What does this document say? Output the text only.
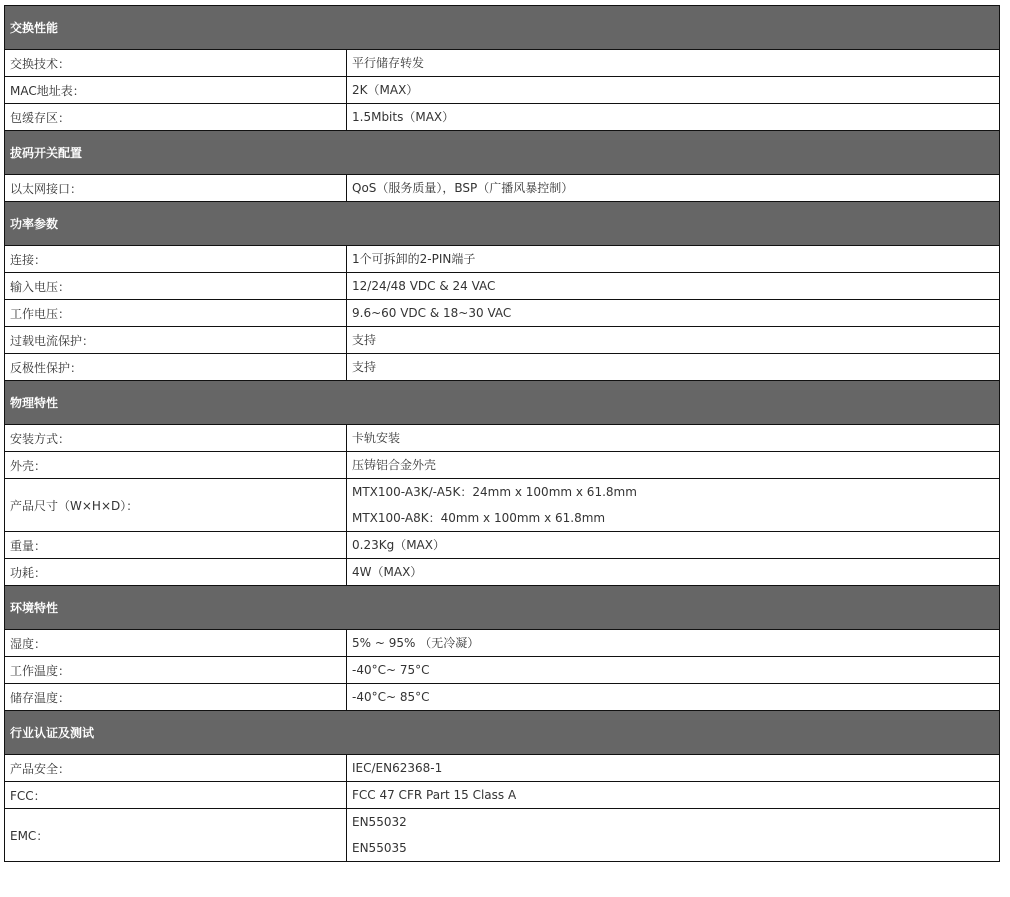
交换性能	
交换技术：	平行储存转发

MAC地址表：	2K（MAX）

包缓存区：	1.5Mbits（MAX）

拔码开关配置	
以太网接口：	QoS（服务质量），BSP（广播风暴控制）

功率参数	
连接：	1个可拆卸的2-PIN端子

输入电压：	12/24/48 VDC & 24 VAC

工作电压：	9.6~60 VDC & 18~30 VAC

过载电流保护：	支持

反极性保护：	支持

物理特性	
安装方式：	卡轨安装

外壳：	压铸铝合金外壳

产品尺寸（W×H×D）：	MTX100-A3K/-A5K：24mm x 100mm x 61.8mm
MTX100-A8K：40mm x 100mm x 61.8mm

重量：	0.23Kg（MAX）

功耗：	4W（MAX）

环境特性	
湿度：	5% ~ 95% （无冷凝）

工作温度：	-40°C~ 75°C

储存温度：	-40°C~ 85°C

行业认证及测试	
产品安全：	IEC/EN62368-1

FCC：	FCC 47 CFR Part 15 Class A

EMC：	EN55032
EN55035
